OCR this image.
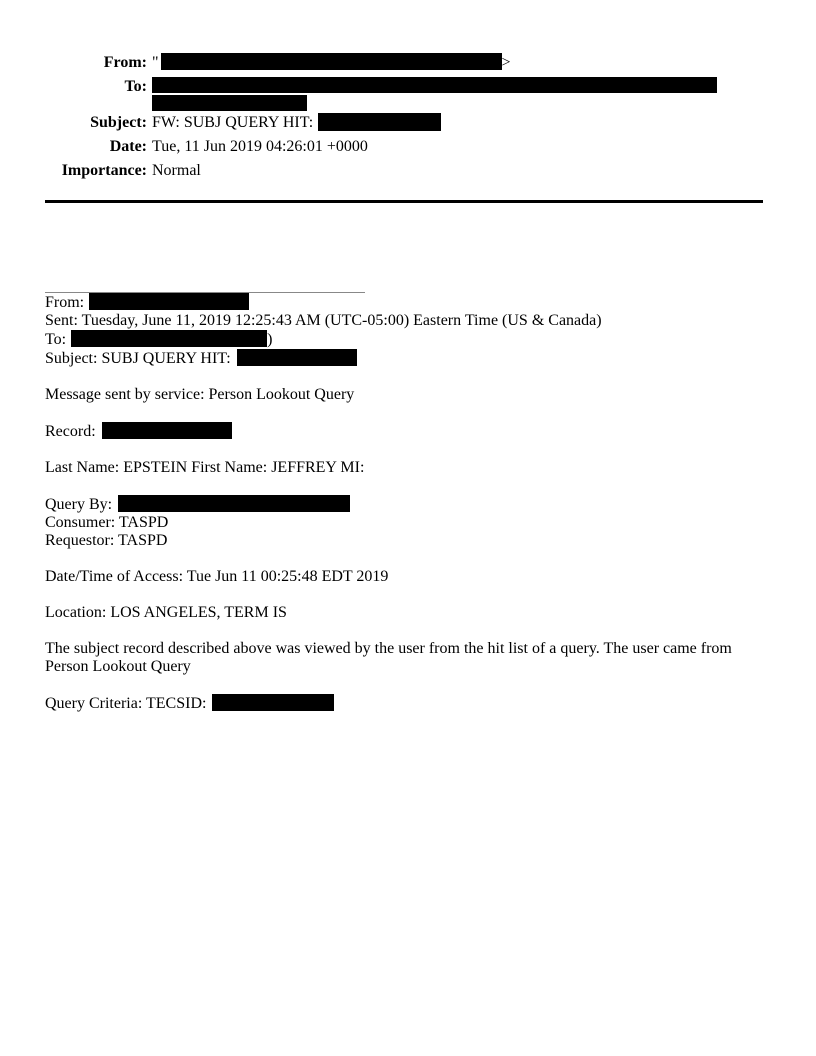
From: "	>
To:
Subject: FW: SUBJ QUERY HIT:
Date: Tue, 11 Jun 2019 04:26:01 +0000
Importance: Normal
From:
Sent: Tuesday, June 11, 2019 12:25:43 AM (UTC-05:00) Eastern Time (US & Canada)
To:	)
Subject: SUBJ QUERY HIT:
Message sent by service: Person Lookout Query
Record:
Last Name: EPSTEIN First Name: JEFFREY MI:
Query By:
Consumer: TASPD
Requestor: TASPD
Date/Time of Access: Tue Jun 11 00:25:48 EDT 2019
Location: LOS ANGELES, TERM IS
The subject record described above was viewed by the user from the hit list of a query. The user came from
Person Lookout Query
Query Criteria: TECSID:
